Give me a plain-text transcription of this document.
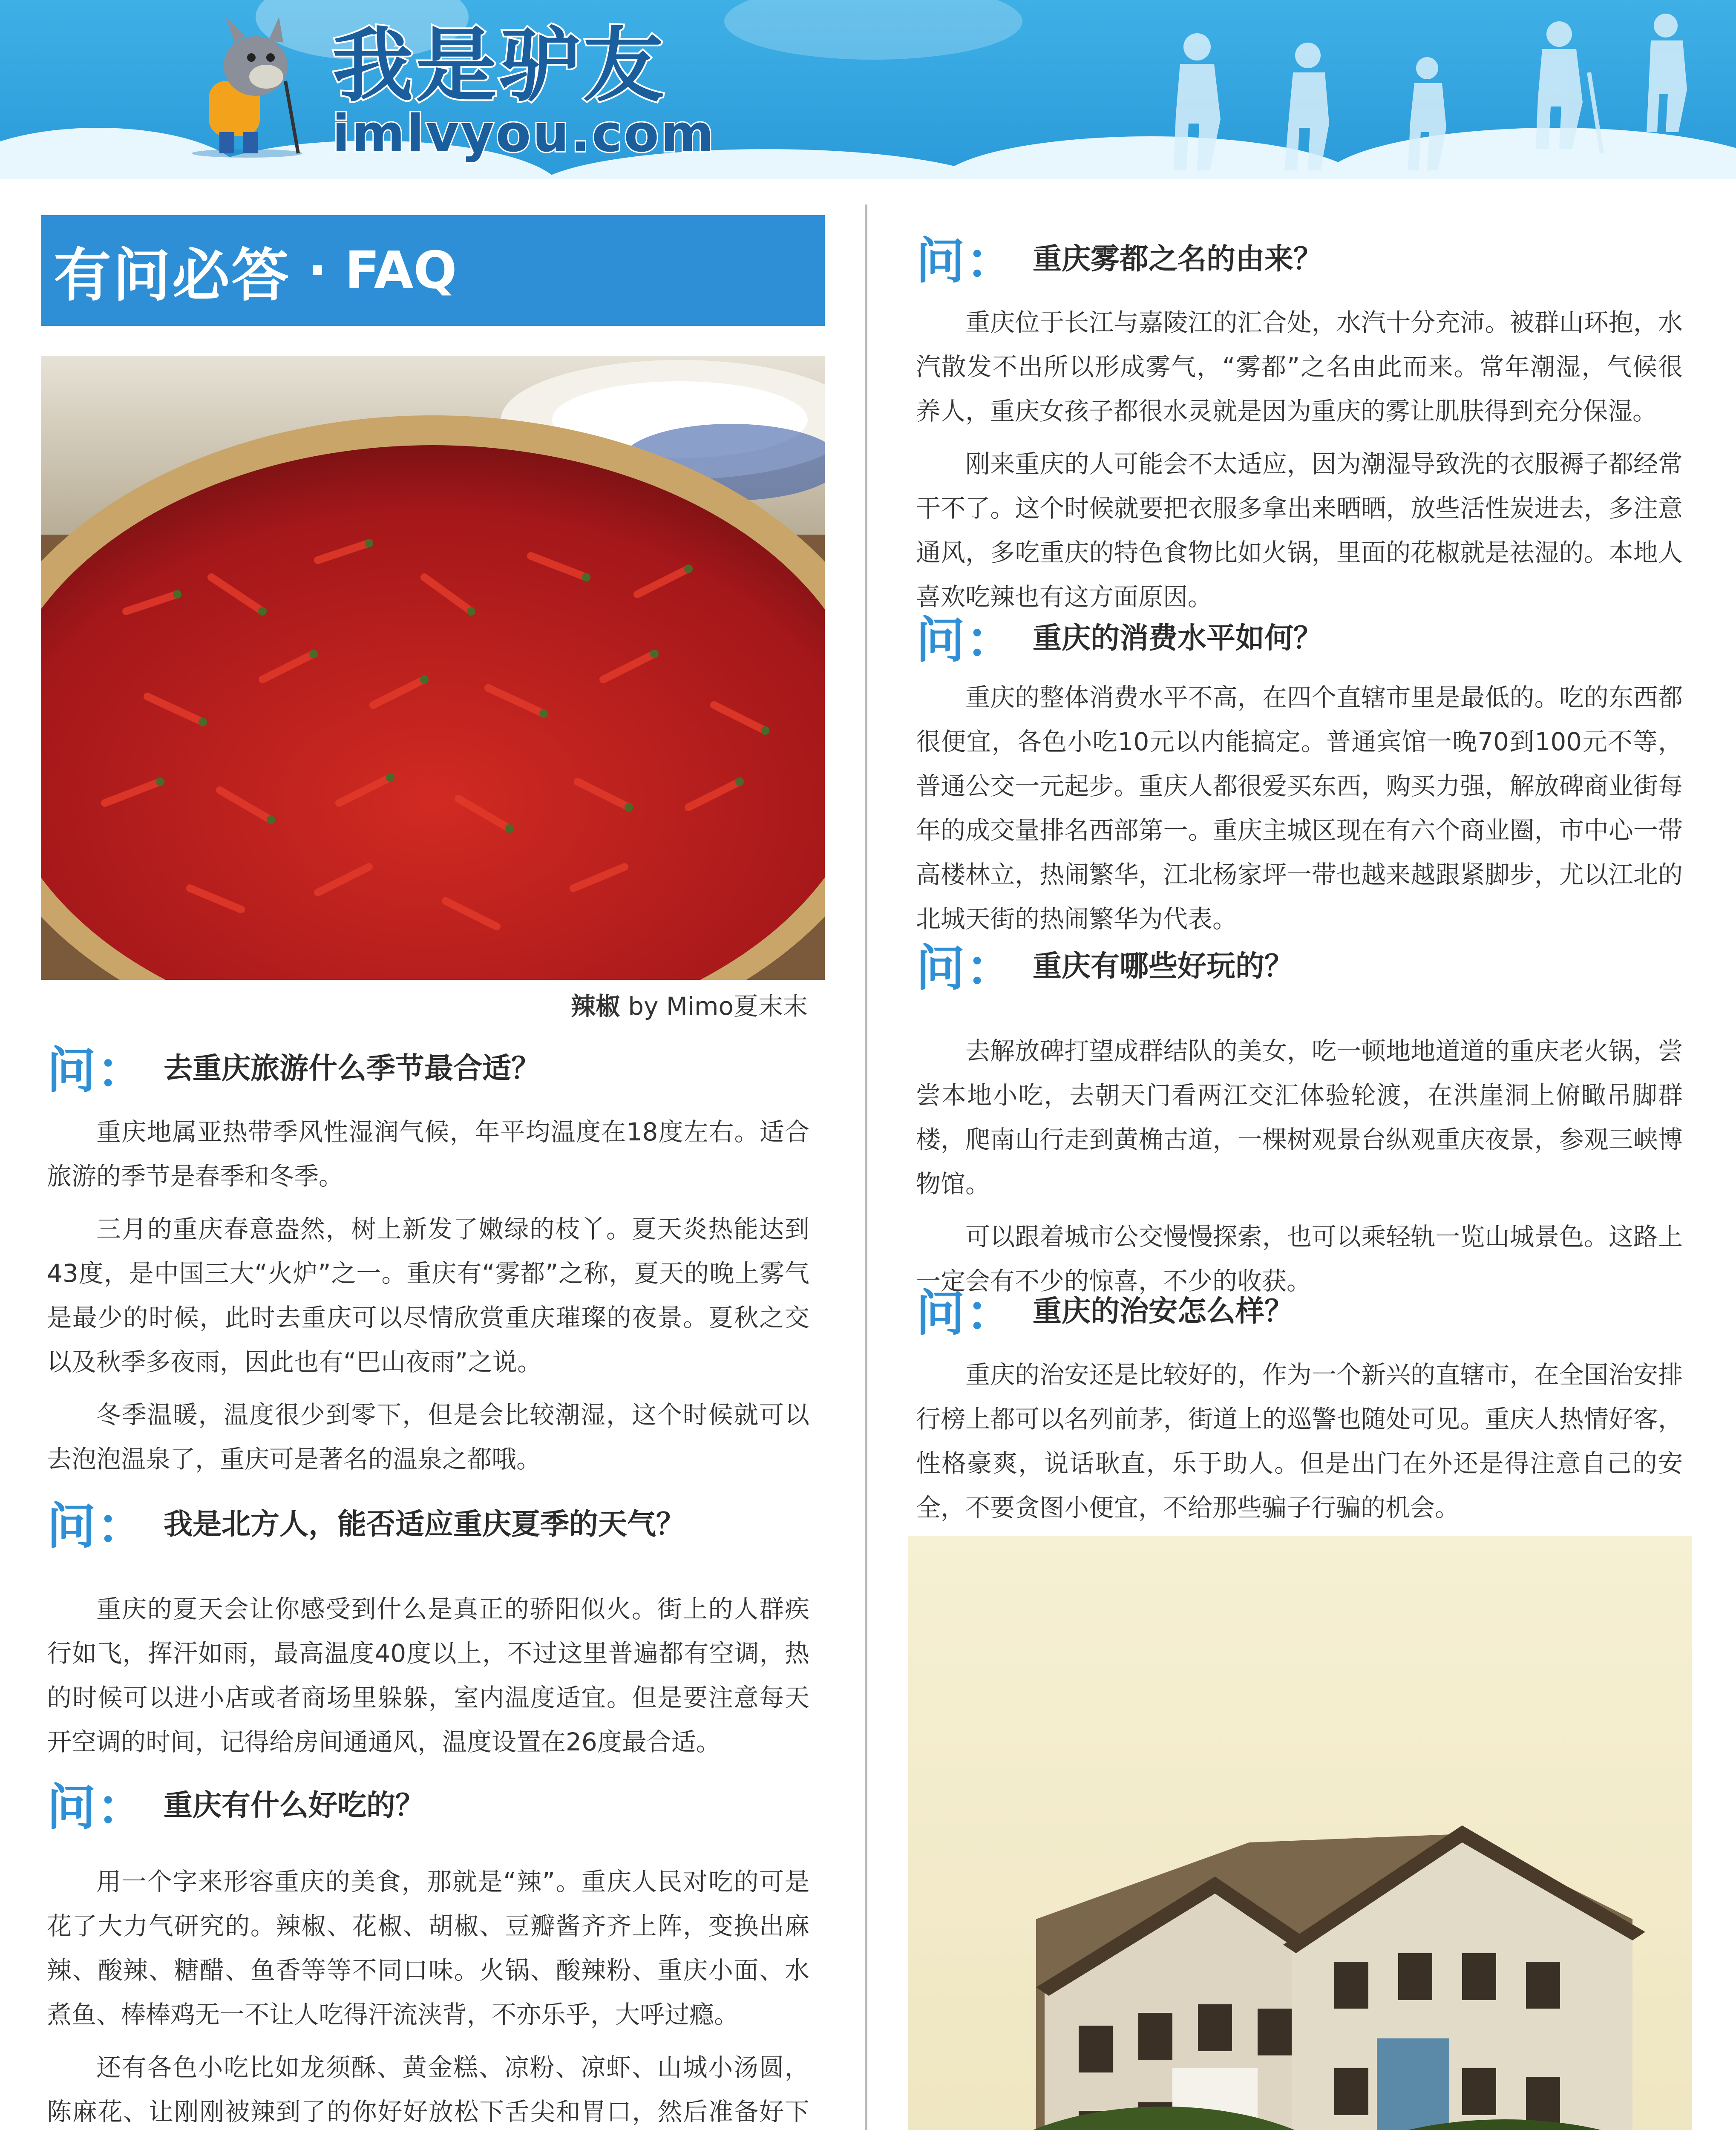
我是驴友
imlvyou.com
有问必答 · FAQ
辣椒 by Mimo夏末末
问： 去重庆旅游什么季节最合适？

重庆地属亚热带季风性湿润气候，年平均温度在18度左右。适合旅游的季节是春季和冬季。

三月的重庆春意盎然，树上新发了嫩绿的枝丫。夏天炎热能达到43度，是中国三大“火炉”之一。重庆有“雾都”之称，夏天的晚上雾气是最少的时候，此时去重庆可以尽情欣赏重庆璀璨的夜景。夏秋之交以及秋季多夜雨，因此也有“巴山夜雨”之说。

冬季温暖，温度很少到零下，但是会比较潮湿，这个时候就可以去泡泡温泉了，重庆可是著名的温泉之都哦。

问： 我是北方人，能否适应重庆夏季的天气？

重庆的夏天会让你感受到什么是真正的骄阳似火。街上的人群疾行如飞，挥汗如雨，最高温度40度以上，不过这里普遍都有空调，热的时候可以进小店或者商场里躲躲，室内温度适宜。但是要注意每天开空调的时间，记得给房间通通风，温度设置在26度最合适。

问： 重庆有什么好吃的？

用一个字来形容重庆的美食，那就是“辣”。重庆人民对吃的可是花了大力气研究的。辣椒、花椒、胡椒、豆瓣酱齐齐上阵，变换出麻辣、酸辣、糖醋、鱼香等等不同口味。火锅、酸辣粉、重庆小面、水煮鱼、棒棒鸡无一不让人吃得汗流浃背，不亦乐乎，大呼过瘾。

还有各色小吃比如龙须酥、黄金糕、凉粉、凉虾、山城小汤圆，陈麻花、让刚刚被辣到了的你好好放松下舌尖和胃口，然后准备好下

问： 重庆雾都之名的由来？

重庆位于长江与嘉陵江的汇合处，水汽十分充沛。被群山环抱，水汽散发不出所以形成雾气，“雾都”之名由此而来。常年潮湿，气候很养人，重庆女孩子都很水灵就是因为重庆的雾让肌肤得到充分保湿。

刚来重庆的人可能会不太适应，因为潮湿导致洗的衣服褥子都经常干不了。这个时候就要把衣服多拿出来晒晒，放些活性炭进去，多注意通风，多吃重庆的特色食物比如火锅，里面的花椒就是祛湿的。本地人喜欢吃辣也有这方面原因。

问： 重庆的消费水平如何？

重庆的整体消费水平不高，在四个直辖市里是最低的。吃的东西都很便宜，各色小吃10元以内能搞定。普通宾馆一晚70到100元不等，普通公交一元起步。重庆人都很爱买东西，购买力强，解放碑商业街每年的成交量排名西部第一。重庆主城区现在有六个商业圈，市中心一带高楼林立，热闹繁华，江北杨家坪一带也越来越跟紧脚步，尤以江北的北城天街的热闹繁华为代表。

问： 重庆有哪些好玩的？

去解放碑打望成群结队的美女，吃一顿地地道道的重庆老火锅，尝尝本地小吃，去朝天门看两江交汇体验轮渡，在洪崖洞上俯瞰吊脚群楼，爬南山行走到黄桷古道，一棵树观景台纵观重庆夜景，参观三峡博物馆。

可以跟着城市公交慢慢探索，也可以乘轻轨一览山城景色。这路上一定会有不少的惊喜，不少的收获。

问： 重庆的治安怎么样？

重庆的治安还是比较好的，作为一个新兴的直辖市，在全国治安排行榜上都可以名列前茅，街道上的巡警也随处可见。重庆人热情好客，性格豪爽，说话耿直，乐于助人。但是出门在外还是得注意自己的安全，不要贪图小便宜，不给那些骗子行骗的机会。
